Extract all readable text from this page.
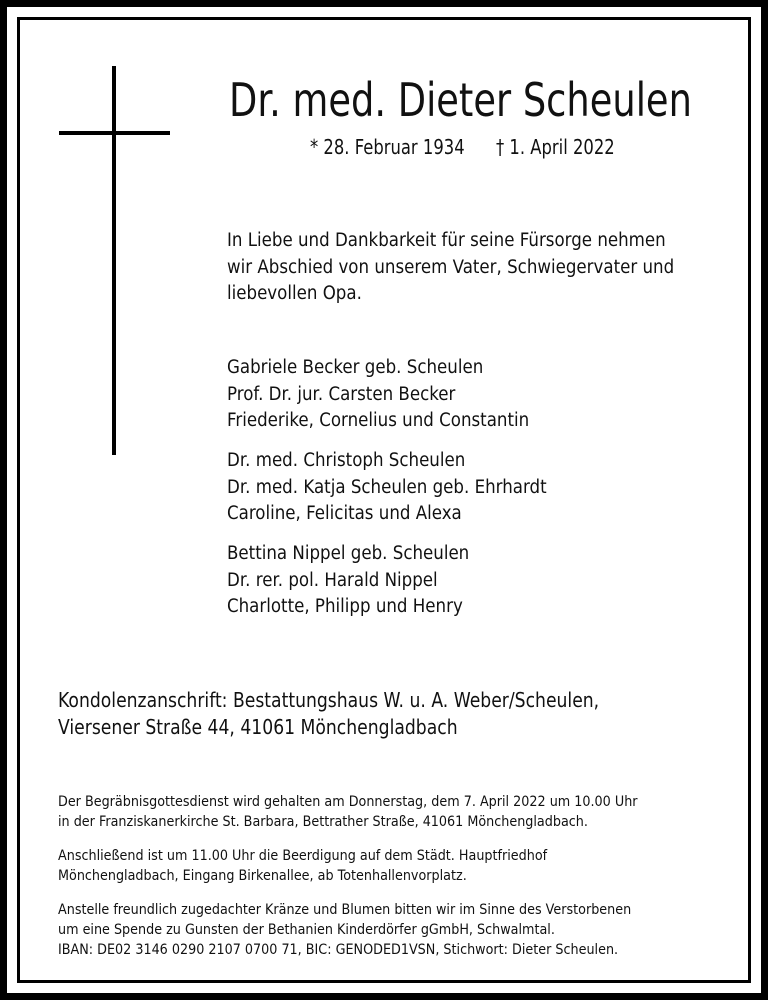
Dr. med. Dieter Scheulen
* 28. Februar 1934 † 1. April 2022
In Liebe und Dankbarkeit für seine Fürsorge nehmen
wir Abschied von unserem Vater, Schwiegervater und
liebevollen Opa.
Gabriele Becker geb. Scheulen
Prof. Dr. jur. Carsten Becker
Friederike, Cornelius und Constantin
Dr. med. Christoph Scheulen
Dr. med. Katja Scheulen geb. Ehrhardt
Caroline, Felicitas und Alexa
Bettina Nippel geb. Scheulen
Dr. rer. pol. Harald Nippel
Charlotte, Philipp und Henry
Kondolenzanschrift: Bestattungshaus W. u. A. Weber/Scheulen,
Viersener Straße 44, 41061 Mönchengladbach
Der Begräbnisgottesdienst wird gehalten am Donnerstag, dem 7. April 2022 um 10.00 Uhr
in der Franziskanerkirche St. Barbara, Bettrather Straße, 41061 Mönchengladbach.
Anschließend ist um 11.00 Uhr die Beerdigung auf dem Städt. Hauptfriedhof
Mönchengladbach, Eingang Birkenallee, ab Totenhallenvorplatz.
Anstelle freundlich zugedachter Kränze und Blumen bitten wir im Sinne des Verstorbenen
um eine Spende zu Gunsten der Bethanien Kinderdörfer gGmbH, Schwalmtal.
IBAN: DE02 3146 0290 2107 0700 71, BIC: GENODED1VSN, Stichwort: Dieter Scheulen.
